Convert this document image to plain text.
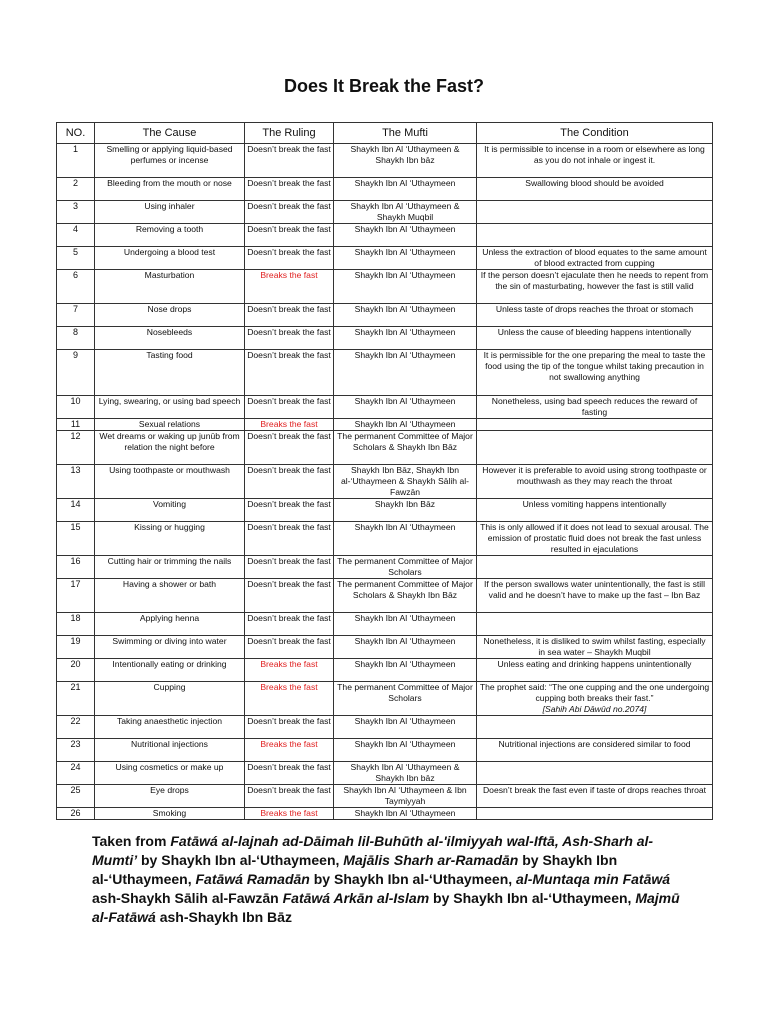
Does It Break the Fast?
NO.	The Cause	The Ruling	The Mufti	The Condition
1	Smelling or applying liquid-based perfumes or incense	Doesn’t break the fast	Shaykh Ibn Al ‘Uthaymeen & Shaykh Ibn bāz	It is permissible to incense in a room or elsewhere as long as you do not inhale or ingest it.
2	Bleeding from the mouth or nose	Doesn’t break the fast	Shaykh Ibn Al ‘Uthaymeen	Swallowing blood should be avoided
3	Using inhaler	Doesn’t break the fast	Shaykh Ibn Al ‘Uthaymeen & Shaykh Muqbil	
4	Removing a tooth	Doesn’t break the fast	Shaykh Ibn Al ‘Uthaymeen	
5	Undergoing a blood test	Doesn’t break the fast	Shaykh Ibn Al ‘Uthaymeen	Unless the extraction of blood equates to the same amount of blood extracted from cupping
6	Masturbation	Breaks the fast	Shaykh Ibn Al ‘Uthaymeen	If the person doesn’t ejaculate then he needs to repent from the sin of masturbating, however the fast is still valid
7	Nose drops	Doesn’t break the fast	Shaykh Ibn Al ‘Uthaymeen	Unless taste of drops reaches the throat or stomach
8	Nosebleeds	Doesn’t break the fast	Shaykh Ibn Al ‘Uthaymeen	Unless the cause of bleeding happens intentionally
9	Tasting food	Doesn’t break the fast	Shaykh Ibn Al ‘Uthaymeen	It is permissible for the one preparing the meal to taste the food using the tip of the tongue whilst taking precaution in not swallowing anything
10	Lying, swearing, or using bad speech	Doesn’t break the fast	Shaykh Ibn Al ‘Uthaymeen	Nonetheless, using bad speech reduces the reward of fasting
11	Sexual relations	Breaks the fast	Shaykh Ibn Al ‘Uthaymeen	
12	Wet dreams or waking up junūb from relation the night before	Doesn’t break the fast	The permanent Committee of Major Scholars & Shaykh Ibn Bāz	
13	Using toothpaste or mouthwash	Doesn’t break the fast	Shaykh Ibn Bāz, Shaykh Ibn al-‘Uthaymeen & Shaykh Sālih al-Fawzān	However it is preferable to avoid using strong toothpaste or mouthwash as they may reach the throat
14	Vomiting	Doesn’t break the fast	Shaykh Ibn Bāz	Unless vomiting happens intentionally
15	Kissing or hugging	Doesn’t break the fast	Shaykh Ibn Al ‘Uthaymeen	This is only allowed if it does not lead to sexual arousal. The emission of prostatic fluid does not break the fast unless resulted in ejaculations
16	Cutting hair or trimming the nails	Doesn’t break the fast	The permanent Committee of Major Scholars	
17	Having a shower or bath	Doesn’t break the fast	The permanent Committee of Major Scholars & Shaykh Ibn Bāz	If the person swallows water unintentionally, the fast is still valid and he doesn’t have to make up the fast – Ibn Baz
18	Applying henna	Doesn’t break the fast	Shaykh Ibn Al ‘Uthaymeen	
19	Swimming or diving into water	Doesn’t break the fast	Shaykh Ibn Al ‘Uthaymeen	Nonetheless, it is disliked to swim whilst fasting, especially in sea water – Shaykh Muqbil
20	Intentionally eating or drinking	Breaks the fast	Shaykh Ibn Al ‘Uthaymeen	Unless eating and drinking happens unintentionally
21	Cupping	Breaks the fast	The permanent Committee of Major Scholars	The prophet said: “The one cupping and the one undergoing cupping both breaks their fast.”
[Sahih Abi Dāwūd no.2074]
22	Taking anaesthetic injection	Doesn’t break the fast	Shaykh Ibn Al ‘Uthaymeen	
23	Nutritional injections	Breaks the fast	Shaykh Ibn Al ‘Uthaymeen	Nutritional injections are considered similar to food
24	Using cosmetics or make up	Doesn’t break the fast	Shaykh Ibn Al ‘Uthaymeen & Shaykh Ibn bāz	
25	Eye drops	Doesn’t break the fast	Shaykh Ibn Al ‘Uthaymeen & Ibn Taymiyyah	Doesn’t break the fast even if taste of drops reaches throat
26	Smoking	Breaks the fast	Shaykh Ibn Al ‘Uthaymeen	
Taken from Fatāwá al-lajnah ad-Dāimah lil-Buhūth al-'ilmiyyah wal-Iftā, Ash-Sharh al-Mumti’ by Shaykh Ibn al-‘Uthaymeen, Majālis Sharh ar-Ramadān by Shaykh Ibn al-‘Uthaymeen, Fatāwá Ramadān by Shaykh Ibn al-‘Uthaymeen, al-Muntaqa min Fatāwá ash-Shaykh Sālih al-Fawzān Fatāwá Arkān al-Islam by Shaykh Ibn al-‘Uthaymeen, Majmū al-Fatāwá ash-Shaykh Ibn Bāz
